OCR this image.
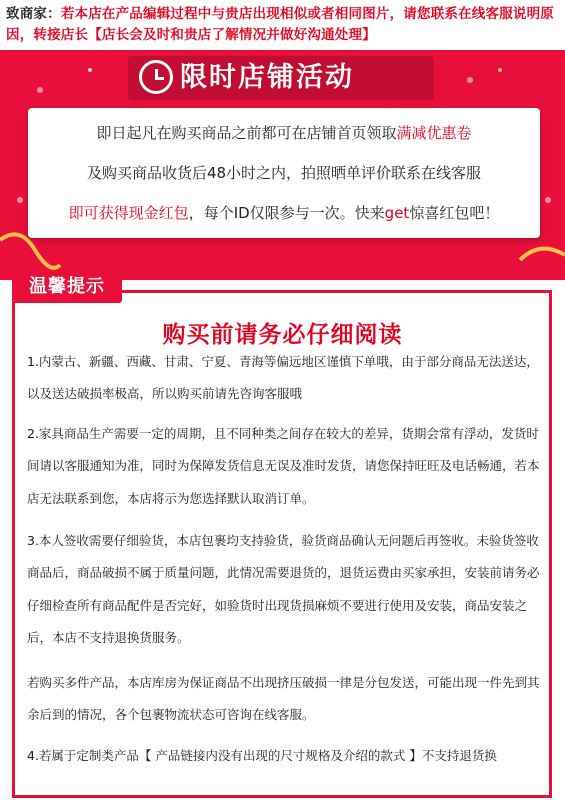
致商家：若本店在产品编辑过程中与贵店出现相似或者相同图片，请您联系在线客服说明原因，转接店长【店长会及时和贵店了解情况并做好沟通处理】
限时店铺活动
即日起凡在购买商品之前都可在店铺首页领取满减优惠卷
及购买商品收货后48小时之内，拍照晒单评价联系在线客服
即可获得现金红包，每个ID仅限参与一次。快来get惊喜红包吧！
温馨提示
购买前请务必仔细阅读
1.内蒙古、新疆、西藏、甘肃、宁夏、青海等偏远地区谨慎下单哦，由于部分商品无法送达，以及送达破损率极高，所以购买前请先咨询客服哦
2.家具商品生产需要一定的周期，且不同种类之间存在较大的差异，货期会常有浮动，发货时间请以客服通知为准，同时为保障发货信息无误及准时发货，请您保持旺旺及电话畅通，若本店无法联系到您，本店将示为您选择默认取消订单。
3.本人签收需要仔细验货，本店包裹均支持验货，验货商品确认无问题后再签收。未验货签收商品后，商品破损不属于质量问题，此情况需要退货的，退货运费由买家承担，安装前请务必仔细检查所有商品配件是否完好，如验货时出现货损麻烦不要进行使用及安装，商品安装之后，本店不支持退换货服务。
若购买多件产品，本店库房为保证商品不出现挤压破损一律是分包发送，可能出现一件先到其余后到的情况，各个包裹物流状态可咨询在线客服。
4.若属于定制类产品【 产品链接内没有出现的尺寸规格及介绍的款式 】不支持退货换
